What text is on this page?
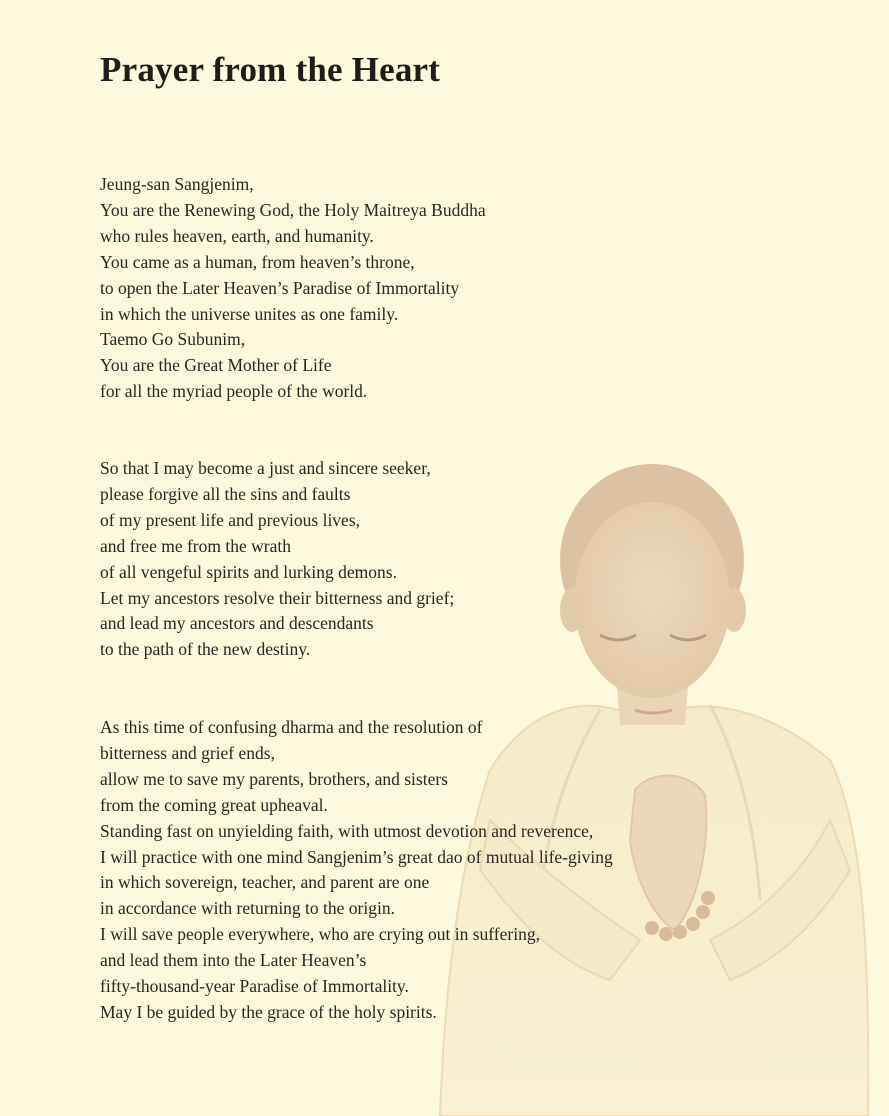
Prayer from the Heart
Jeung-san Sangjenim,
You are the Renewing God, the Holy Maitreya Buddha
who rules heaven, earth, and humanity.
You came as a human, from heaven’s throne,
to open the Later Heaven’s Paradise of Immortality
in which the universe unites as one family.
Taemo Go Subunim,
You are the Great Mother of Life
for all the myriad people of the world.
So that I may become a just and sincere seeker,
please forgive all the sins and faults
of my present life and previous lives,
and free me from the wrath
of all vengeful spirits and lurking demons.
Let my ancestors resolve their bitterness and grief;
and lead my ancestors and descendants
to the path of the new destiny.
As this time of confusing dharma and the resolution of
bitterness and grief ends,
allow me to save my parents, brothers, and sisters
from the coming great upheaval.
Standing fast on unyielding faith, with utmost devotion and reverence,
I will practice with one mind Sangjenim’s great dao of mutual life-giving
in which sovereign, teacher, and parent are one
in accordance with returning to the origin.
I will save people everywhere, who are crying out in suffering,
and lead them into the Later Heaven’s
fifty-thousand-year Paradise of Immortality.
May I be guided by the grace of the holy spirits.
